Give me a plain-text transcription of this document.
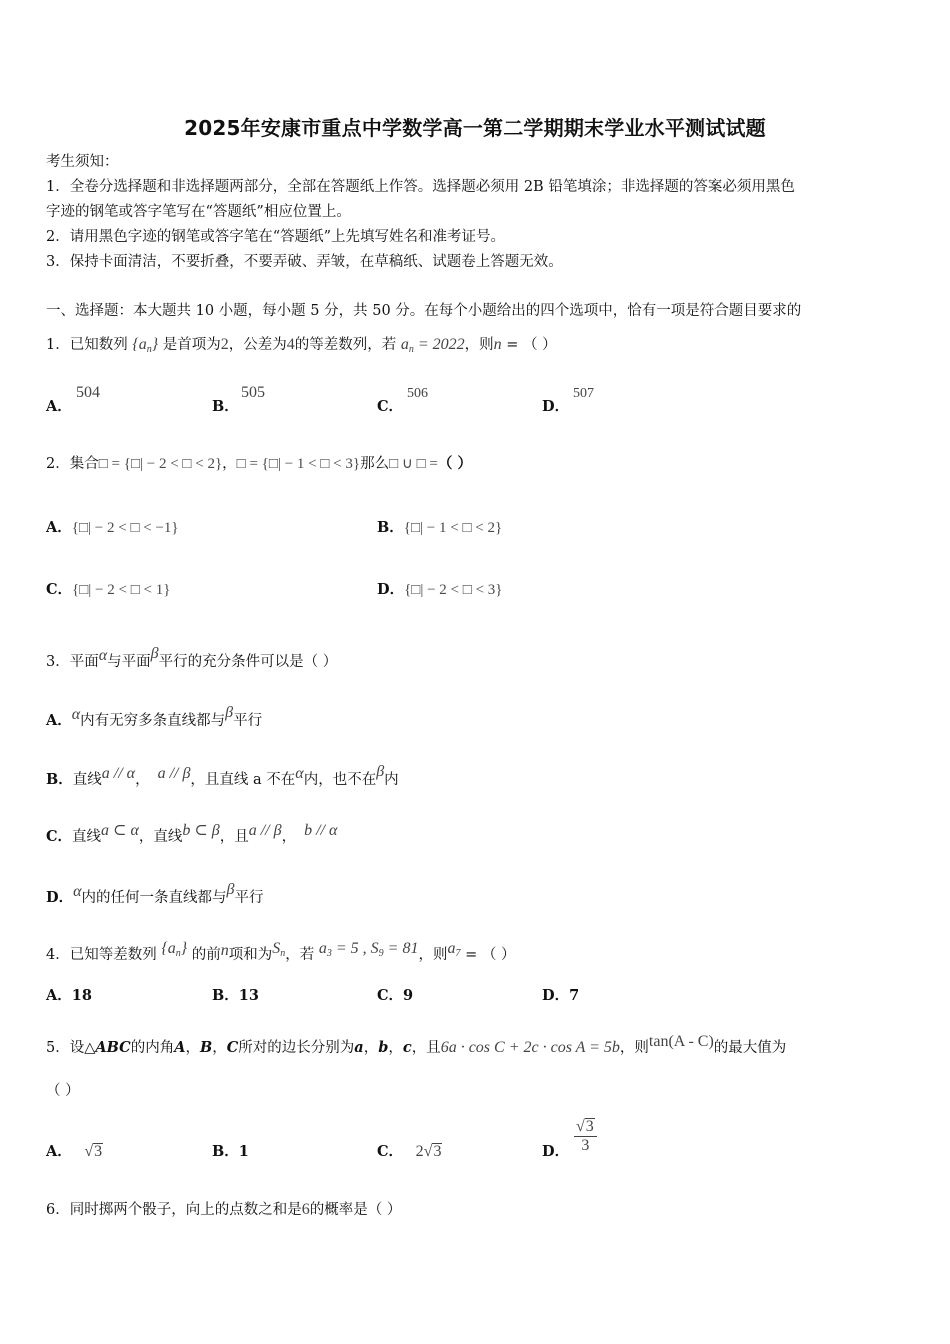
2025年安康市重点中学数学高一第二学期期末学业水平测试试题
考生须知：
1．全卷分选择题和非选择题两部分，全部在答题纸上作答。选择题必须用 2B 铅笔填涂；非选择题的答案必须用黑色
字迹的钢笔或答字笔写在“答题纸”相应位置上。
2．请用黑色字迹的钢笔或答字笔在“答题纸”上先填写姓名和准考证号。
3．保持卡面清洁，不要折叠，不要弄破、弄皱，在草稿纸、试题卷上答题无效。
一、选择题：本大题共 10 小题，每小题 5 分，共 50 分。在每个小题给出的四个选项中，恰有一项是符合题目要求的
1．已知数列 $\{a_n\}$ 是首项为2，公差为4的等差数列，若 $a_n = 2022$，则n = （ ）
A．
504
B．
505
C．
506
D．
507
2．集合□ = {□| − 2 < □ < 2}，□ = {□| − 1 < □ < 3}那么□ ∪ □ =（ ）
A．{□| − 2 < □ < −1}	B．{□| − 1 < □ < 2}
C．{□| − 2 < □ < 1}	D．{□| − 2 < □ < 3}
3．平面α与平面β平行的充分条件可以是（ ）
A．α内有无穷多条直线都与β平行
B．直线a // α， a // β，且直线 a 不在α内，也不在β内
C．直线a ⊂ α，直线b ⊂ β，且a // β， b // α
D．α内的任何一条直线都与β平行
4．已知等差数列 $\{a_n\}$ 的前n项和为$S_n$，若 $a_3 = 5$ , $S_9 = 81$，则$a_7$ = （ ）
A．18	B．13	C．9	D．7
5．设△ABC的内角A，B，C所对的边长分别为a，b，c，且6a · cos C + 2c · cos A = 5b，则tan(A - C)的最大值为
（ ）
A． √3	B．1	C． 2√3	D． $\frac{√3}{3}$
6．同时掷两个骰子，向上的点数之和是6的概率是（ ）
